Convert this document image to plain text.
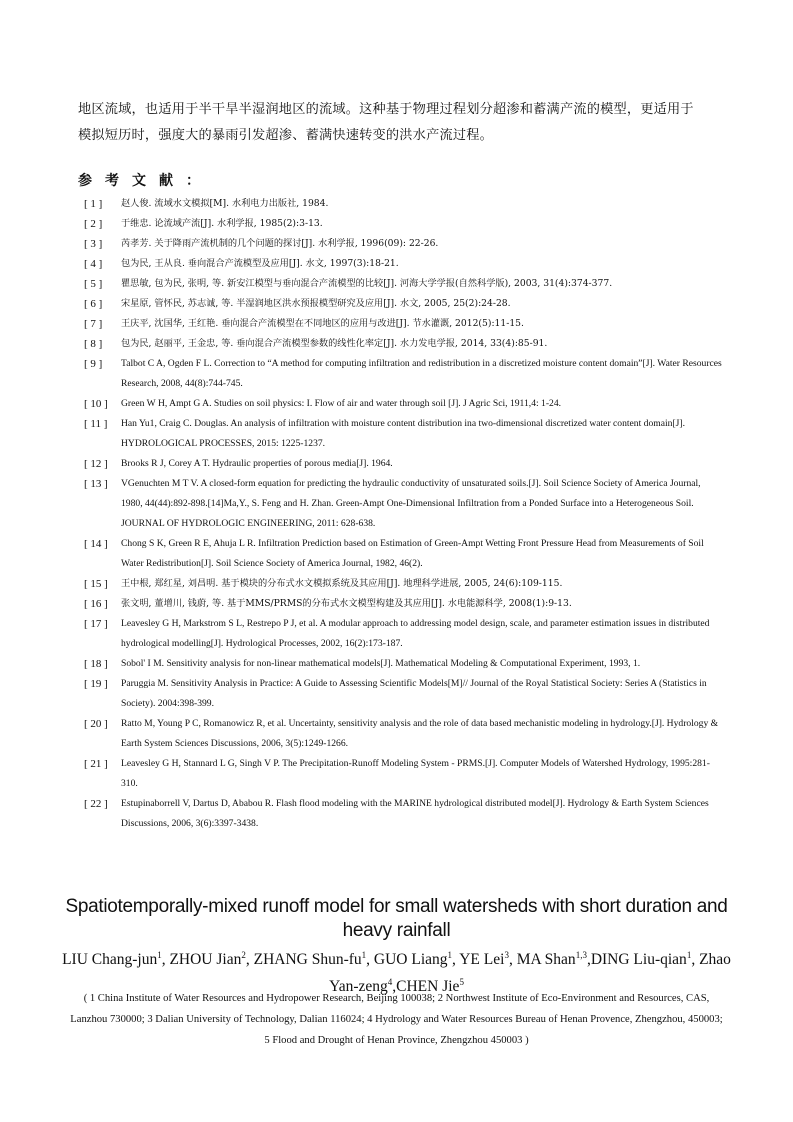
地区流域，也适用于半干旱半湿润地区的流域。这种基于物理过程划分超渗和蓄满产流的模型，更适用于

模拟短历时，强度大的暴雨引发超渗、蓄满快速转变的洪水产流过程。

参考文献：
[ 1 ]	赵人俊. 流域水文模拟[M]. 水利电力出版社, 1984.
[ 2 ]	于维忠. 论流域产流[J]. 水利学报, 1985(2):3-13.
[ 3 ]	芮孝芳. 关于降雨产流机制的几个问题的探讨[J]. 水利学报, 1996(09): 22-26.
[ 4 ]	包为民, 王从良. 垂向混合产流模型及应用[J]. 水文, 1997(3):18-21.
[ 5 ]	瞿思敏, 包为民, 张明, 等. 新安江模型与垂向混合产流模型的比较[J]. 河海大学学报(自然科学版), 2003, 31(4):374-377.
[ 6 ]	宋星原, 管怀民, 苏志诚, 等. 半湿润地区洪水预报模型研究及应用[J]. 水文, 2005, 25(2):24-28.
[ 7 ]	王庆平, 沈国华, 王红艳. 垂向混合产流模型在不同地区的应用与改进[J]. 节水灌溉, 2012(5):11-15.
[ 8 ]	包为民, 赵丽平, 王金忠, 等. 垂向混合产流模型参数的线性化率定[J]. 水力发电学报, 2014, 33(4):85-91.
[ 9 ]	Talbot C A, Ogden F L. Correction to “A method for computing infiltration and redistribution in a discretized moisture content domain”[J]. Water Resources Research, 2008, 44(8):744-745.
[ 10 ]	Green W H, Ampt G A. Studies on soil physics: I. Flow of air and water through soil [J]. J Agric Sci, 1911,4: 1-24.
[ 11 ]	Han Yu1, Craig C. Douglas. An analysis of infiltration with moisture content distribution ina two-dimensional discretized water content domain[J]. HYDROLOGICAL PROCESSES, 2015: 1225-1237.
[ 12 ]	Brooks R J, Corey A T. Hydraulic properties of porous media[J]. 1964.
[ 13 ]	VGenuchten M T V. A closed-form equation for predicting the hydraulic conductivity of unsaturated soils.[J]. Soil Science Society of America Journal, 1980, 44(44):892-898.[14]Ma,Y., S. Feng and H. Zhan. Green-Ampt One-Dimensional Infiltration from a Ponded Surface into a Heterogeneous Soil. JOURNAL OF HYDROLOGIC ENGINEERING, 2011: 628-638.
[ 14 ]	Chong S K, Green R E, Ahuja L R. Infiltration Prediction based on Estimation of Green-Ampt Wetting Front Pressure Head from Measurements of Soil Water Redistribution[J]. Soil Science Society of America Journal, 1982, 46(2).
[ 15 ]	王中根, 郑红星, 刘昌明. 基于模块的分布式水文模拟系统及其应用[J]. 地理科学进展, 2005, 24(6):109-115.
[ 16 ]	张文明, 董增川, 钱蔚, 等. 基于MMS/PRMS的分布式水文模型构建及其应用[J]. 水电能源科学, 2008(1):9-13.
[ 17 ]	Leavesley G H, Markstrom S L, Restrepo P J, et al. A modular approach to addressing model design, scale, and parameter estimation issues in distributed hydrological modelling[J]. Hydrological Processes, 2002, 16(2):173-187.
[ 18 ]	Sobol' I M. Sensitivity analysis for non-linear mathematical models[J]. Mathematical Modeling & Computational Experiment, 1993, 1.
[ 19 ]	Paruggia M. Sensitivity Analysis in Practice: A Guide to Assessing Scientific Models[M]// Journal of the Royal Statistical Society: Series A (Statistics in Society). 2004:398-399.
[ 20 ]	Ratto M, Young P C, Romanowicz R, et al. Uncertainty, sensitivity analysis and the role of data based mechanistic modeling in hydrology.[J]. Hydrology & Earth System Sciences Discussions, 2006, 3(5):1249-1266.
[ 21 ]	Leavesley G H, Stannard L G, Singh V P. The Precipitation-Runoff Modeling System - PRMS.[J]. Computer Models of Watershed Hydrology, 1995:281-310.
[ 22 ]	Estupinaborrell V, Dartus D, Ababou R. Flash flood modeling with the MARINE hydrological distributed model[J]. Hydrology & Earth System Sciences Discussions, 2006, 3(6):3397-3438.
Spatiotemporally-mixed runoff model for small watersheds with short duration and heavy rainfall
LIU Chang-jun$^1$, ZHOU Jian$^2$, ZHANG Shun-$fu^1$, GUO Liang$^1$, YE Lei$^3$, MA Shan$^{1,3}$,DING Liu-qian$^1$, Zhao Yan-zeng$^4$,CHEN Jie$^5$
( 1 China Institute of Water Resources and Hydropower Research, Beijing 100038; 2 Northwest Institute of Eco-Environment and Resources, CAS, Lanzhou 730000; 3 Dalian University of Technology, Dalian 116024; 4 Hydrology and Water Resources Bureau of Henan Provence, Zhengzhou, 450003; 5 Flood and Drought of Henan Province, Zhengzhou 450003 )
